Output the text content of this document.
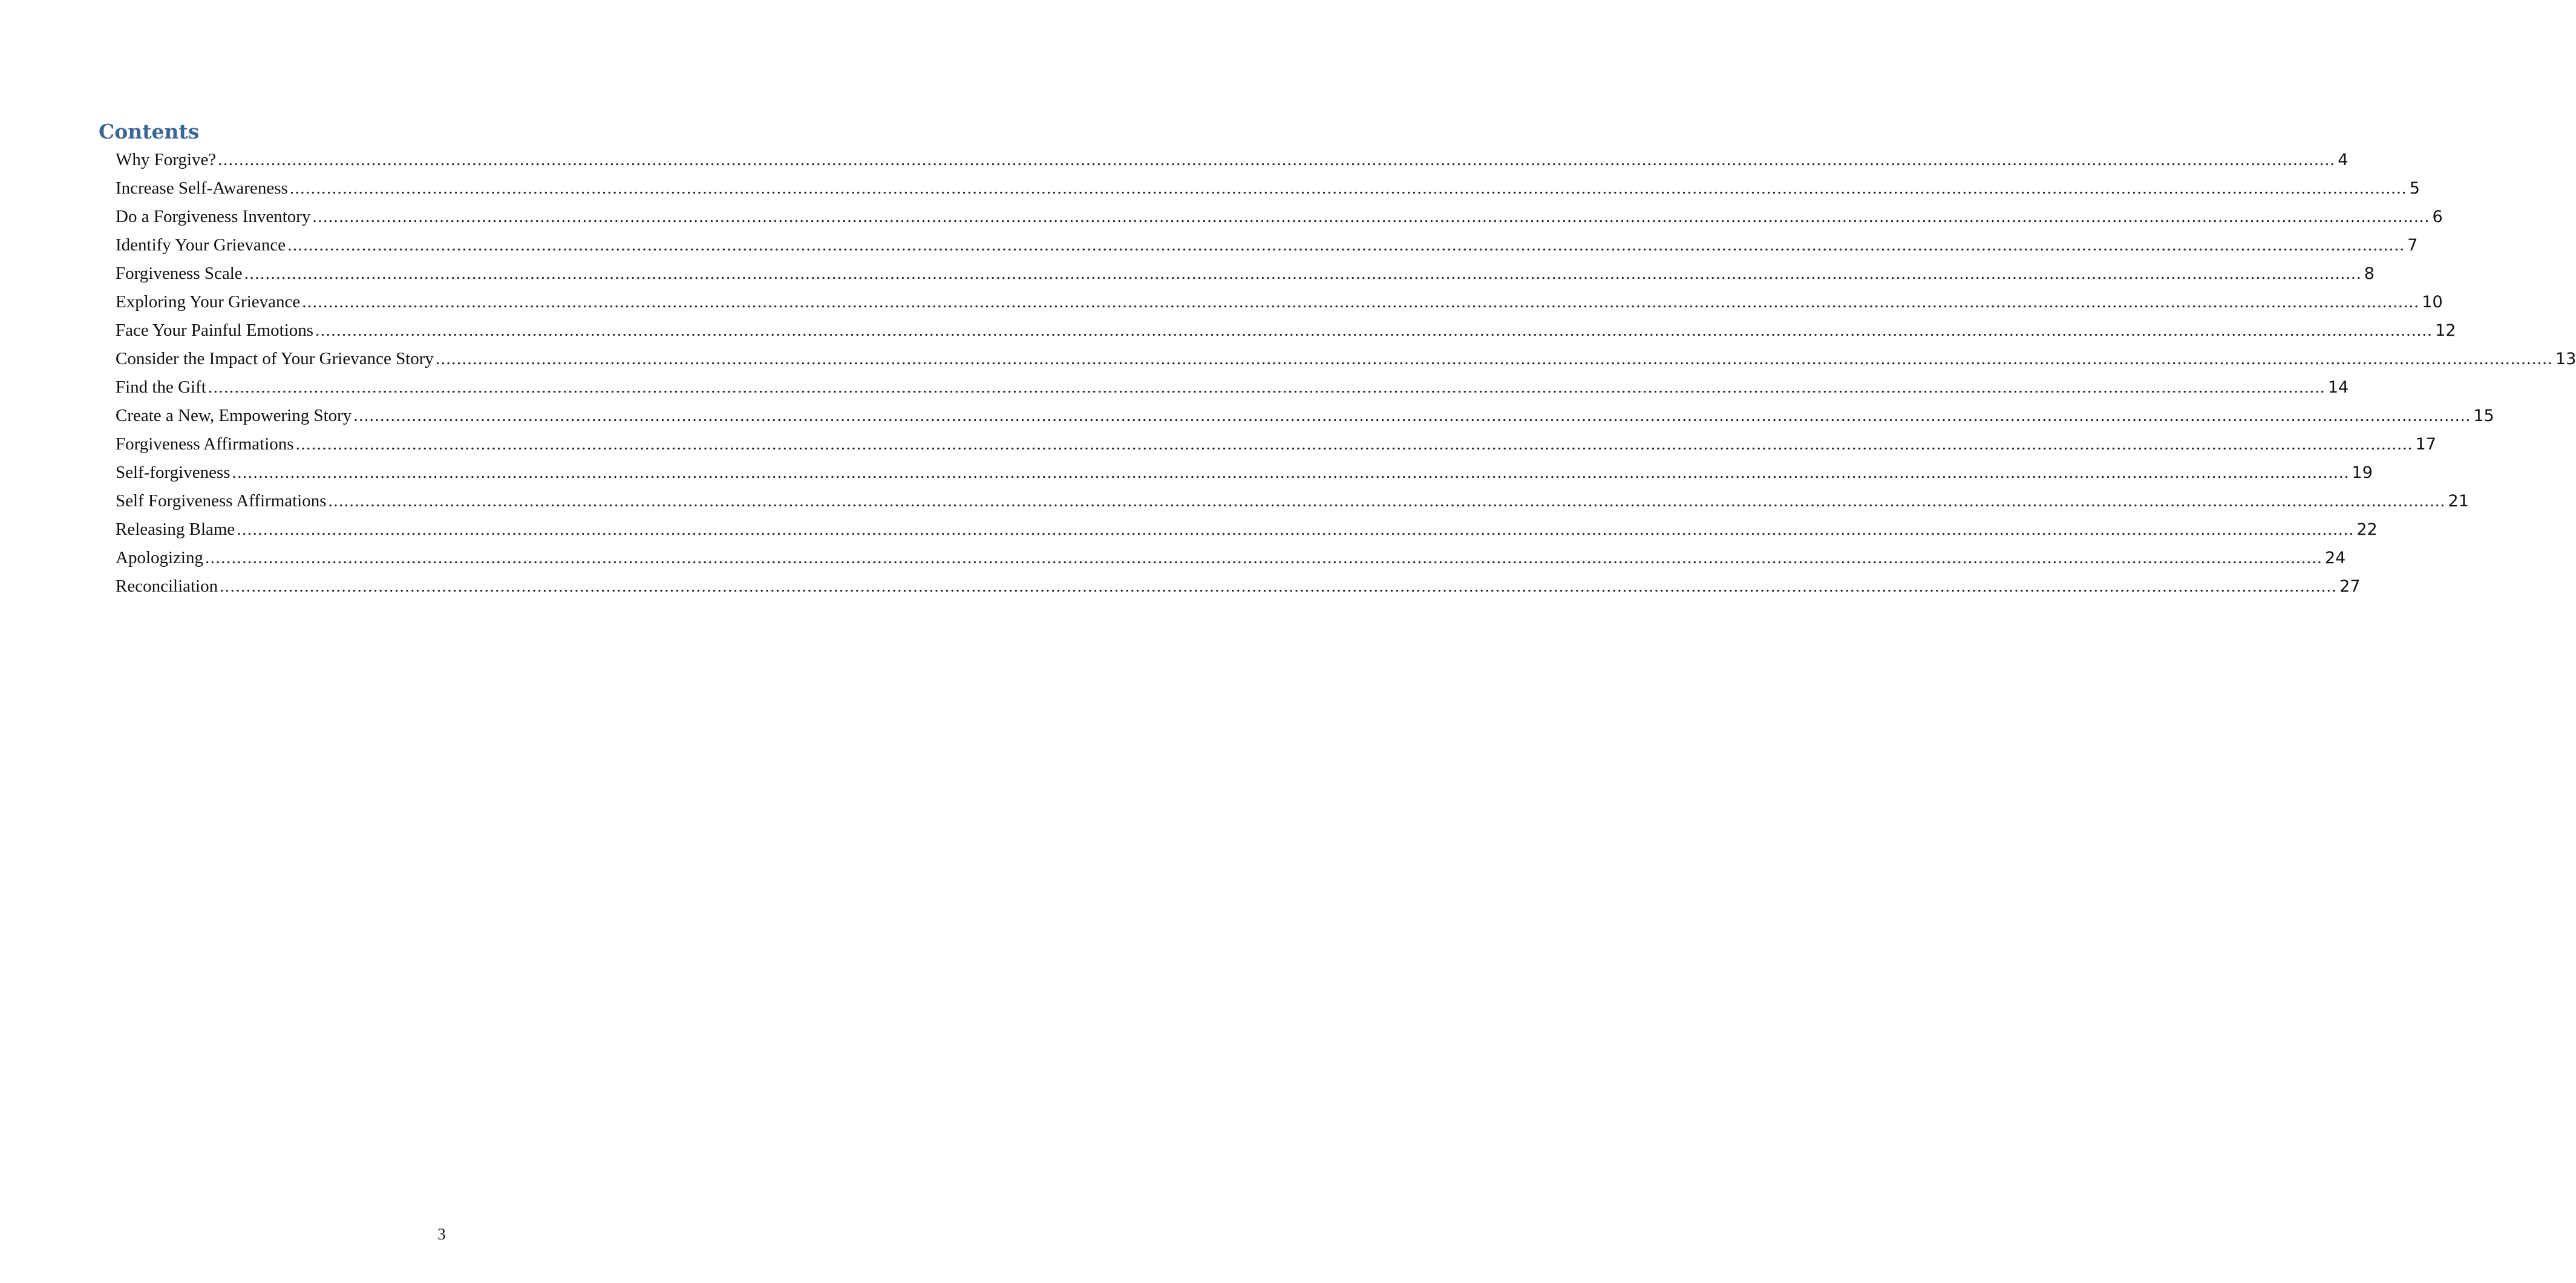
Contents
Why Forgive? ................................................................................................................................................................................................................................................................................................................................................................................................................ 4
Increase Self-Awareness ................................................................................................................................................................................................................................................................................................................................................................................................................ 5
Do a Forgiveness Inventory ................................................................................................................................................................................................................................................................................................................................................................................................................ 6
Identify Your Grievance ................................................................................................................................................................................................................................................................................................................................................................................................................ 7
Forgiveness Scale ................................................................................................................................................................................................................................................................................................................................................................................................................ 8
Exploring Your Grievance ................................................................................................................................................................................................................................................................................................................................................................................................................ 10
Face Your Painful Emotions ................................................................................................................................................................................................................................................................................................................................................................................................................ 12
Consider the Impact of Your Grievance Story ................................................................................................................................................................................................................................................................................................................................................................................................................ 13
Find the Gift ................................................................................................................................................................................................................................................................................................................................................................................................................ 14
Create a New, Empowering Story ................................................................................................................................................................................................................................................................................................................................................................................................................ 15
Forgiveness Affirmations ................................................................................................................................................................................................................................................................................................................................................................................................................ 17
Self-forgiveness ................................................................................................................................................................................................................................................................................................................................................................................................................ 19
Self Forgiveness Affirmations ................................................................................................................................................................................................................................................................................................................................................................................................................ 21
Releasing Blame ................................................................................................................................................................................................................................................................................................................................................................................................................ 22
Apologizing ................................................................................................................................................................................................................................................................................................................................................................................................................ 24
Reconciliation ................................................................................................................................................................................................................................................................................................................................................................................................................ 27
3
